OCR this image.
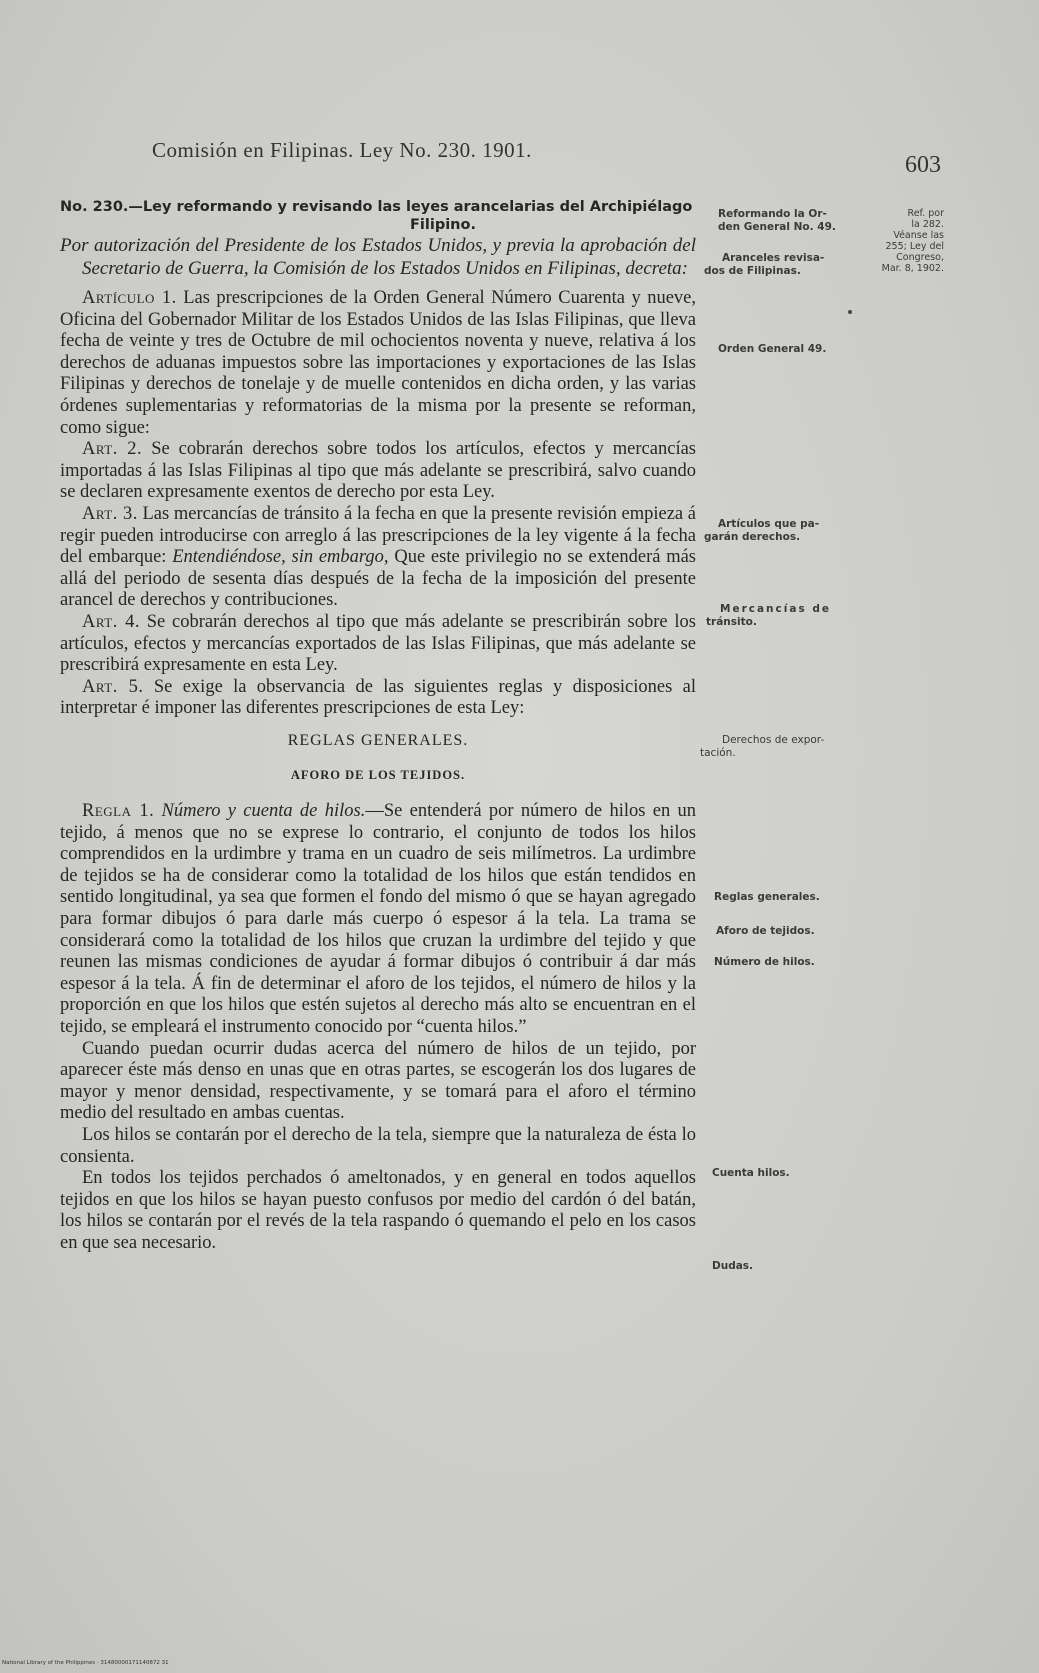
Comisión en Filipinas. Ley No. 230. 1901.
603

No. 230.—Ley reformando y revisando las leyes arancelarias del Archipiélago
Filipino.

Por autorización del Presidente de los Estados Unidos, y previa la aprobación del Secretario de Guerra, la Comisión de los Estados Unidos en Filipinas, decreta:

Artículo 1. Las prescripciones de la Orden General Número Cuarenta y nueve, Oficina del Gobernador Militar de los Estados Unidos de las Islas Filipinas, que lleva fecha de veinte y tres de Octubre de mil ochocientos noventa y nueve, relativa á los derechos de aduanas impuestos sobre las importaciones y exportaciones de las Islas Filipinas y derechos de tonelaje y de muelle contenidos en dicha orden, y las varias órdenes suplementarias y reformatorias de la misma por la presente se reforman, como sigue:

Art. 2. Se cobrarán derechos sobre todos los artículos, efectos y mercancías importadas á las Islas Filipinas al tipo que más adelante se prescribirá, salvo cuando se declaren expresamente exentos de derecho por esta Ley.

Art. 3. Las mercancías de tránsito á la fecha en que la presente revisión empieza á regir pueden introducirse con arreglo á las prescripciones de la ley vigente á la fecha del embarque: Entendiéndose, sin embargo, Que este privilegio no se extenderá más allá del periodo de sesenta días después de la fecha de la imposición del presente arancel de derechos y contribuciones.

Art. 4. Se cobrarán derechos al tipo que más adelante se prescribirán sobre los artículos, efectos y mercancías exportados de las Islas Filipinas, que más adelante se prescribirá expresamente en esta Ley.

Art. 5. Se exige la observancia de las siguientes reglas y disposiciones al interpretar é imponer las diferentes prescripciones de esta Ley:

REGLAS GENERALES.

AFORO DE LOS TEJIDOS.

Regla 1. Número y cuenta de hilos.—Se entenderá por número de hilos en un tejido, á menos que no se exprese lo contrario, el conjunto de todos los hilos comprendidos en la urdimbre y trama en un cuadro de seis milímetros. La urdimbre de tejidos se ha de considerar como la totalidad de los hilos que están tendidos en sentido longitudinal, ya sea que formen el fondo del mismo ó que se hayan agregado para formar dibujos ó para darle más cuerpo ó espesor á la tela. La trama se considerará como la totalidad de los hilos que cruzan la urdimbre del tejido y que reunen las mismas condiciones de ayudar á formar dibujos ó contribuir á dar más espesor á la tela. Á fin de determinar el aforo de los tejidos, el número de hilos y la proporción en que los hilos que estén sujetos al derecho más alto se encuentran en el tejido, se empleará el instrumento conocido por “cuenta hilos.”

Cuando puedan ocurrir dudas acerca del número de hilos de un tejido, por aparecer éste más denso en unas que en otras partes, se escogerán los dos lugares de mayor y menor densidad, respectivamente, y se tomará para el aforo el término medio del resultado en ambas cuentas.

Los hilos se contarán por el derecho de la tela, siempre que la naturaleza de ésta lo consienta.

En todos los tejidos perchados ó ameltonados, y en general en todos aquellos tejidos en que los hilos se hayan puesto confusos por medio del cardón ó del batán, los hilos se contarán por el revés de la tela raspando ó quemando el pelo en los casos en que sea necesario.

Reformando la Or-
den General No. 49.
Aranceles revisa-
dos de Filipinas.
Orden General 49.
Artículos que pa-
garán derechos.
Mercancías de
tránsito.
Derechos de expor-
tación.
Reglas generales.
Aforo de tejidos.
Número de hilos.
Cuenta hilos.
Dudas.
Ref. por
la 282.
Véanse las
255; Ley del
Congreso,
Mar. 8, 1902.
National Library of the Philippines · 31480000171140872 31
